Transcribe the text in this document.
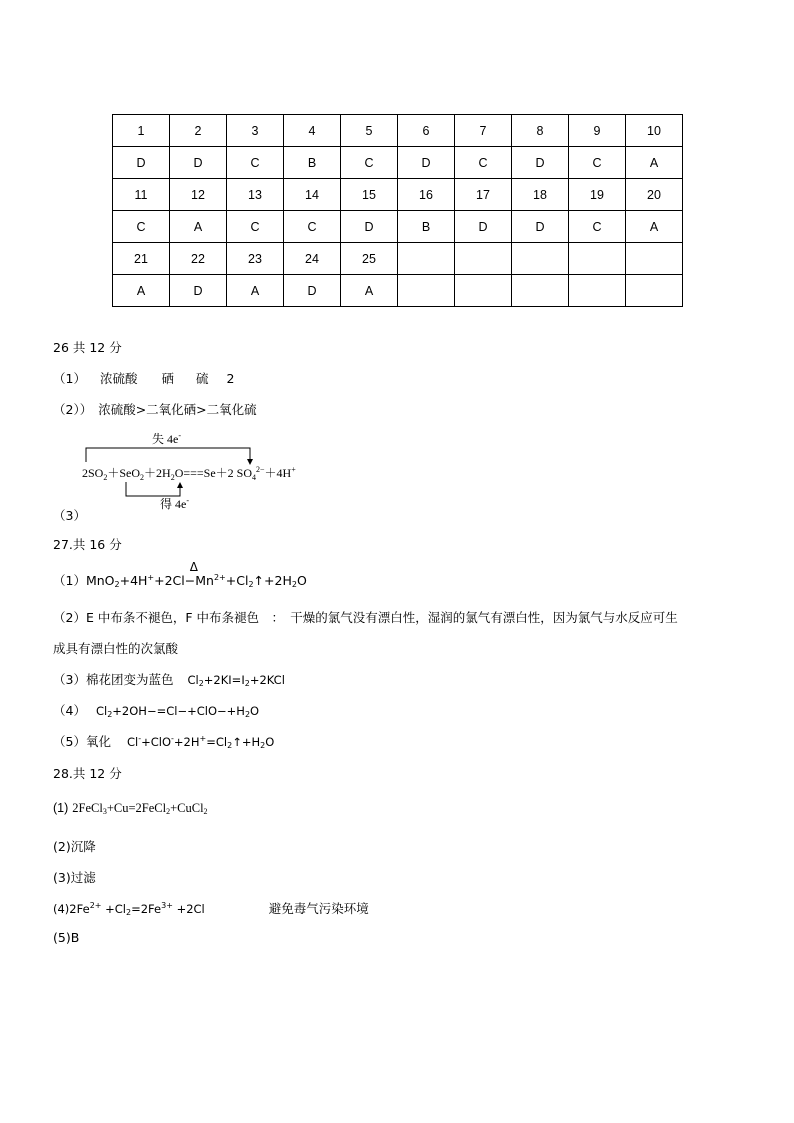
1	2	3	4	5	6	7	8	9	10
D	D	C	B	C	D	C	D	C	A
11	12	13	14	15	16	17	18	19	20
C	A	C	C	D	B	D	D	C	A
21	22	23	24	25					
A	D	A	D	A					
26 共 12 分
（1） 浓硫酸 硒 硫 2
（2）） 浓硫酸>二氧化硒>二氧化硫
失 4e-
得 4e-
$2SO_2+SeO_2+2H_2O===Se+2$ $SO_4^{2-}+4H^+$
（3）
27.共 16 分
（1）MnO$_2$+4H++2Cl−
Δ
$Mn^{2+}+Cl_2↑+2H_2O$
（2）E 中布条不褪色，F 中布条褪色　：　干燥的氯气没有漂白性，湿润的氯气有漂白性，因为氯气与水反应可生
成具有漂白性的次氯酸
（3）棉花团变为蓝色 $Cl_2+2KI=I_2+2KCl$
（4） $Cl_2+2OH-=Cl-+ClO-+H_2O$
（5）氧化 $Cl^-+ClO^-+2H^+=Cl_2↑+H_2O$
28.共 12 分
(1) 2FeCl$_3$+Cu=2FeCl$_2$+CuCl$_2$
(2)沉降
(3)过滤
$(4)2Fe^{2+} +Cl_2=2Fe^{3+} +2Cl$	避免毒气污染环境
(5)B
